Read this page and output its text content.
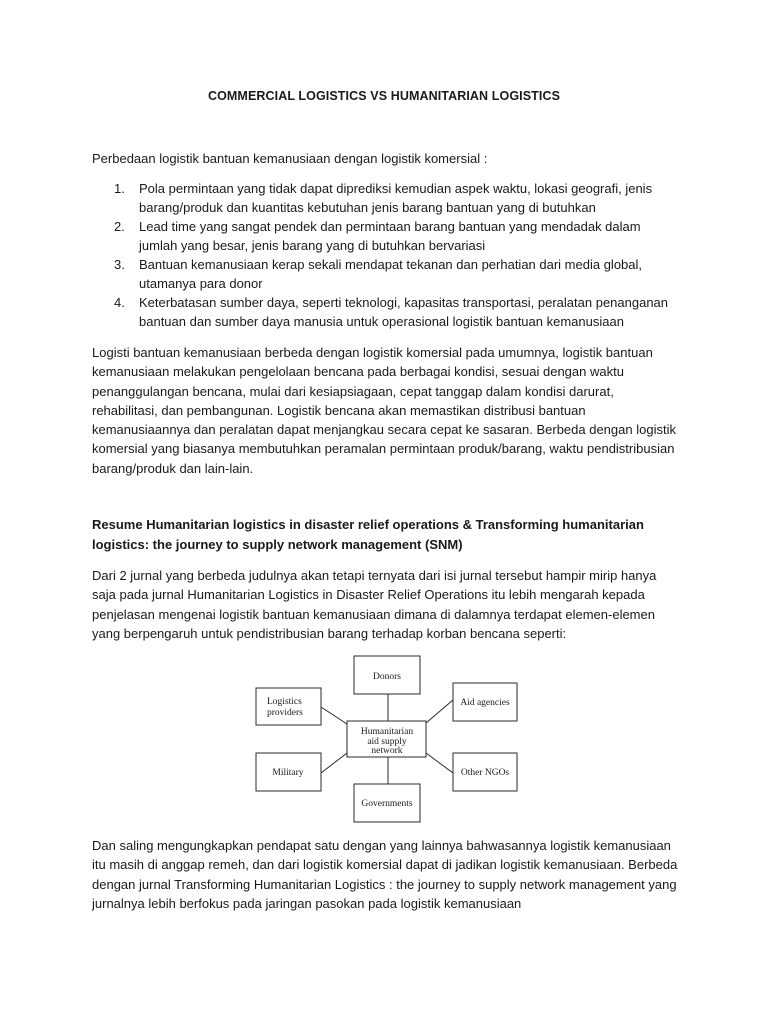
COMMERCIAL LOGISTICS VS HUMANITARIAN LOGISTICS

Perbedaan logistik bantuan kemanusiaan dengan logistik komersial :

1. Pola permintaan yang tidak dapat diprediksi kemudian aspek waktu, lokasi geografi, jenis barang/produk dan kuantitas kebutuhan jenis barang bantuan yang di butuhkan
2. Lead time yang sangat pendek dan permintaan barang bantuan yang mendadak dalam jumlah yang besar, jenis barang yang di butuhkan bervariasi
3. Bantuan kemanusiaan kerap sekali mendapat tekanan dan perhatian dari media global, utamanya para donor
4. Keterbatasan sumber daya, seperti teknologi, kapasitas transportasi, peralatan penanganan bantuan dan sumber daya manusia untuk operasional logistik bantuan kemanusiaan

Logisti bantuan kemanusiaan berbeda dengan logistik komersial pada umumnya, logistik bantuan kemanusiaan melakukan pengelolaan bencana pada berbagai kondisi, sesuai dengan waktu penanggulangan bencana, mulai dari kesiapsiagaan, cepat tanggap dalam kondisi darurat, rehabilitasi, dan pembangunan. Logistik bencana akan memastikan distribusi bantuan kemanusiaannya dan peralatan dapat menjangkau secara cepat ke sasaran. Berbeda dengan logistik komersial yang biasanya membutuhkan peramalan permintaan produk/barang, waktu pendistribusian barang/produk dan lain-lain.

Resume Humanitarian logistics in disaster relief operations & Transforming humanitarian logistics: the journey to supply network management (SNM)

Dari 2 jurnal yang berbeda judulnya akan tetapi ternyata dari isi jurnal tersebut hampir mirip hanya saja pada jurnal Humanitarian Logistics in Disaster Relief Operations itu lebih mengarah kepada penjelasan mengenai logistik bantuan kemanusiaan dimana di dalamnya terdapat elemen-elemen yang berpengaruh untuk pendistribusian barang terhadap korban bencana seperti:

Donors
Humanitarian
aid supply
network
Logistics
providers
Aid agencies
Military	Other NGOs
Governments

Dan saling mengungkapkan pendapat satu dengan yang lainnya bahwasannya logistik kemanusiaan itu masih di anggap remeh, dan dari logistik komersial dapat di jadikan logistik kemanusiaan. Berbeda dengan jurnal Transforming Humanitarian Logistics : the journey to supply network management yang jurnalnya lebih berfokus pada jaringan pasokan pada logistik kemanusiaan
